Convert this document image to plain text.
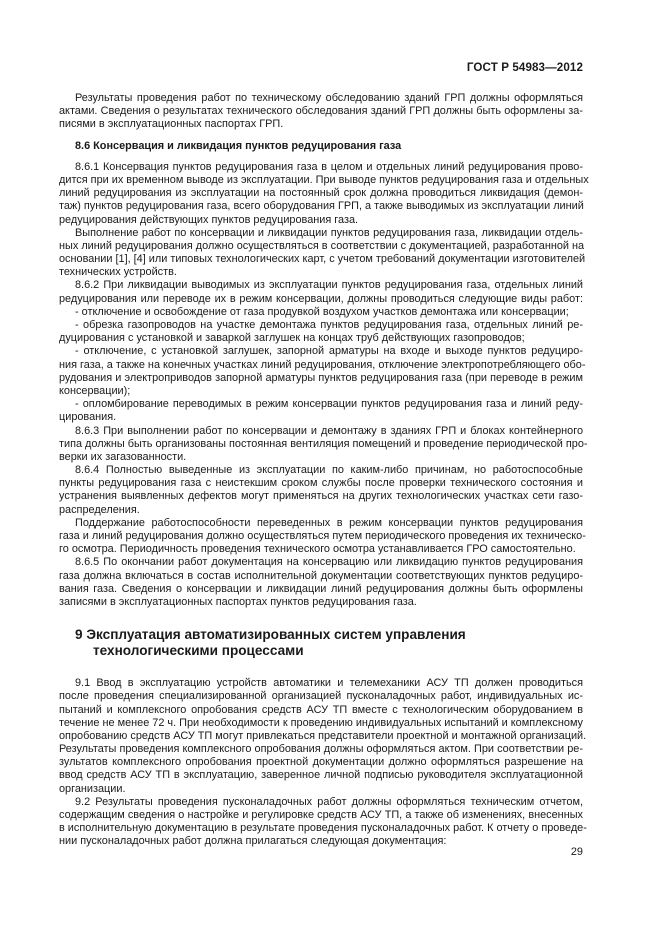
ГОСТ Р 54983—2012
Результаты проведения работ по техническому обследованию зданий ГРП должны оформляться
актами. Сведения о результатах технического обследования зданий ГРП должны быть оформлены за-
писями в эксплуатационных паспортах ГРП.
8.6 Консервация и ликвидация пунктов редуцирования газа
8.6.1 Консервация пунктов редуцирования газа в целом и отдельных линий редуцирования прово-
дится при их временном выводе из эксплуатации. При выводе пунктов редуцирования газа и отдельных
линий редуцирования из эксплуатации на постоянный срок должна проводиться ликвидация (демон-
таж) пунктов редуцирования газа, всего оборудования ГРП, а также выводимых из эксплуатации линий
редуцирования действующих пунктов редуцирования газа.
Выполнение работ по консервации и ликвидации пунктов редуцирования газа, ликвидации отдель-
ных линий редуцирования должно осуществляться в соответствии с документацией, разработанной на
основании [1], [4] или типовых технологических карт, с учетом требований документации изготовителей
технических устройств.
8.6.2 При ликвидации выводимых из эксплуатации пунктов редуцирования газа, отдельных линий
редуцирования или переводе их в режим консервации, должны проводиться следующие виды работ:
- отключение и освобождение от газа продувкой воздухом участков демонтажа или консервации;
- обрезка газопроводов на участке демонтажа пунктов редуцирования газа, отдельных линий ре-
дуцирования с установкой и заваркой заглушек на концах труб действующих газопроводов;
- отключение, с установкой заглушек, запорной арматуры на входе и выходе пунктов редуциро-
ния газа, а также на конечных участках линий редуцирования, отключение электропотребляющего обо-
рудования и электроприводов запорной арматуры пунктов редуцирования газа (при переводе в режим
консервации);
- опломбирование переводимых в режим консервации пунктов редуцирования газа и линий реду-
цирования.
8.6.3 При выполнении работ по консервации и демонтажу в зданиях ГРП и блоках контейнерного
типа должны быть организованы постоянная вентиляция помещений и проведение периодической про-
верки их загазованности.
8.6.4 Полностью выведенные из эксплуатации по каким-либо причинам, но работоспособные
пункты редуцирования газа с неистекшим сроком службы после проверки технического состояния и
устранения выявленных дефектов могут применяться на других технологических участках сети газо-
распределения.
Поддержание работоспособности переведенных в режим консервации пунктов редуцирования
газа и линий редуцирования должно осуществляться путем периодического проведения их техническо-
го осмотра. Периодичность проведения технического осмотра устанавливается ГРО самостоятельно.
8.6.5 По окончании работ документация на консервацию или ликвидацию пунктов редуцирования
газа должна включаться в состав исполнительной документации соответствующих пунктов редуциро-
вания газа. Сведения о консервации и ликвидации линий редуцирования должны быть оформлены
записями в эксплуатационных паспортах пунктов редуцирования газа.
9 Эксплуатация автоматизированных систем управления
технологическими процессами
9.1 Ввод в эксплуатацию устройств автоматики и телемеханики АСУ ТП должен проводиться
после проведения специализированной организацией пусконаладочных работ, индивидуальных ис-
пытаний и комплексного опробования средств АСУ ТП вместе с технологическим оборудованием в
течение не менее 72 ч. При необходимости к проведению индивидуальных испытаний и комплексному
опробованию средств АСУ ТП могут привлекаться представители проектной и монтажной организаций.
Результаты проведения комплексного опробования должны оформляться актом. При соответствии ре-
зультатов комплексного опробования проектной документации должно оформляться разрешение на
ввод средств АСУ ТП в эксплуатацию, заверенное личной подписью руководителя эксплуатационной
организации.
9.2 Результаты проведения пусконаладочных работ должны оформляться техническим отчетом,
содержащим сведения о настройке и регулировке средств АСУ ТП, а также об изменениях, внесенных
в исполнительную документацию в результате проведения пусконаладочных работ. К отчету о проведе-
нии пусконаладочных работ должна прилагаться следующая документация:
29
